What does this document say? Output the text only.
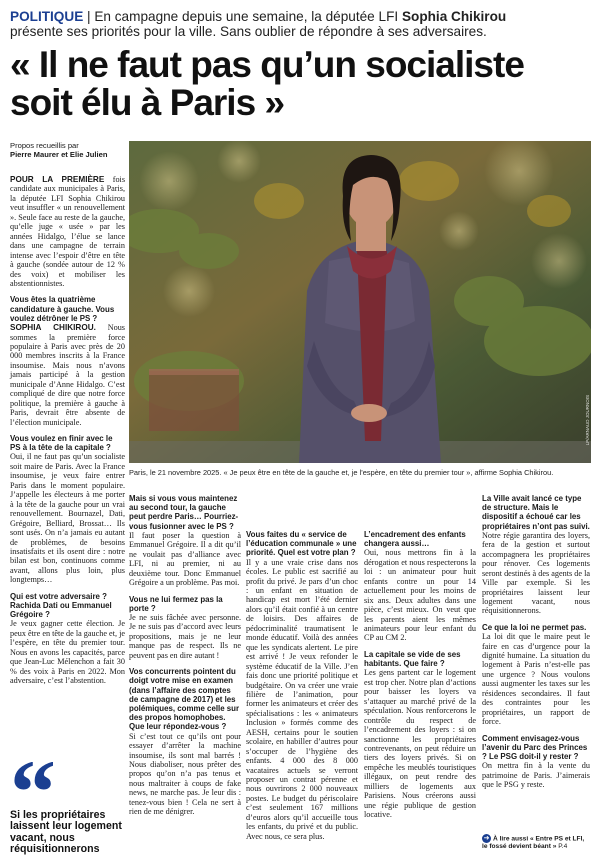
POLITIQUE | En campagne depuis une semaine, la députée LFI Sophia Chikirou
présente ses priorités pour la ville. Sans oublier de répondre à ses adversaires.
« Il ne faut pas qu’un socialiste
soit élu à Paris »
Propos recueillis par
Pierre Maurer et Elie Julien

POUR LA PREMIÈRE fois candidate aux municipales à Paris, la députée LFI Sophia Chikirou veut insuffler « un renouvellement ». Seule face au reste de la gauche, qu’elle juge « usée » par les années Hidalgo, l’élue se lance dans une campagne de terrain intense avec l’espoir d’être en tête à gauche (sondée autour de 12 % des voix) et mobiliser les abstentionnistes.

Vous êtes la quatrième candidature à gauche. Vous voulez détrôner le PS ?

SOPHIA CHIKIROU. Nous sommes la première force populaire à Paris avec près de 20 000 membres inscrits à la France insoumise. Mais nous n’avons jamais participé à la gestion municipale d’Anne Hidalgo. C’est compliqué de dire que notre force politique, la première à gauche à Paris, devrait être absente de l’élection municipale.

Vous voulez en finir avec le PS à la tête de la capitale ?

Oui, il ne faut pas qu’un socialiste soit maire de Paris. Avec la France insoumise, je veux faire entrer Paris dans le moment populaire. J’appelle les électeurs à me porter à la tête de la gauche pour un vrai renouvellement. Bournazel, Dati, Grégoire, Belliard, Brossat… Ils sont usés. On n’a jamais eu autant de problèmes, de besoins insatisfaits et ils osent dire : notre bilan est bon, continuons comme avant, allons plus loin, plus longtemps…

Qui est votre adversaire ? Rachida Dati ou Emmanuel Grégoire ?

Je veux gagner cette élection. Je peux être en tête de la gauche et, je l’espère, en tête du premier tour. Nous en avons les capacités, parce que Jean-Luc Mélenchon a fait 30 % des voix à Paris en 2022. Mon adversaire, c’est l’abstention.

LP/ARNAUD JOURNOIS
Paris, le 21 novembre 2025. « Je peux être en tête de la gauche et, je l’espère, en tête du premier tour », affirme Sophia Chikirou.
Si les propriétaires laissent leur logement vacant, nous réquisitionnerons

Mais si vous vous maintenez au second tour, la gauche peut perdre Paris… Pourriez-vous fusionner avec le PS ?

Il faut poser la question à Emmanuel Grégoire. Il a dit qu’il ne voulait pas d’alliance avec LFI, ni au premier, ni au deuxième tour. Donc Emmanuel Grégoire a un problème. Pas moi.

Vous ne lui fermez pas la porte ?

Je ne suis fâchée avec personne. Je ne suis pas d’accord avec leurs propositions, mais je ne leur manque pas de respect. Ils ne peuvent pas en dire autant !

Vos concurrents pointent du doigt votre mise en examen (dans l’affaire des comptes de campagne de 2017) et les polémiques, comme celle sur des propos homophobes. Que leur répondez-vous ?

Si c’est tout ce qu’ils ont pour essayer d’arrêter la machine insoumise, ils sont mal barrés ! Nous diaboliser, nous prêter des propos qu’on n’a pas tenus et nous maltraiter à coups de fake news, ne marche pas. Je leur dis : tenez-vous bien ! Cela ne sert à rien de me dénigrer.

Vous faites du « service de l’éducation communale » une priorité. Quel est votre plan ?

Il y a une vraie crise dans nos écoles. Le public est sacrifié au profit du privé. Je pars d’un choc : un enfant en situation de handicap est mort l’été dernier alors qu’il était confié à un centre de loisirs. Des affaires de pédocriminalité traumatisent le monde éducatif. Voilà des années que les syndicats alertent. Le pire est arrivé ! Je veux refonder le système éducatif de la Ville. J’en fais donc une priorité politique et budgétaire. On va créer une vraie filière de l’animation, pour former les animateurs et créer des spécialisations : les « animateurs Inclusion » formés comme des AESH, certains pour le soutien scolaire, en habiller d’autres pour s’occuper de l’hygiène des enfants. 4 000 des 8 000 vacataires actuels se verront proposer un contrat pérenne et nous ouvrirons 2 000 nouveaux postes. Le budget du périscolaire c’est seulement 167 millions d’euros alors qu’il accueille tous les enfants, du privé et du public. Avec nous, ce sera plus.

L’encadrement des enfants changera aussi…

Oui, nous mettrons fin à la dérogation et nous respecterons la loi : un animateur pour huit enfants contre un pour 14 actuellement pour les moins de six ans. Deux adultes dans une pièce, c’est mieux. On veut que les parents aient les mêmes animateurs pour leur enfant du CP au CM 2.

La capitale se vide de ses habitants. Que faire ?

Les gens partent car le logement est trop cher. Notre plan d’actions pour baisser les loyers va s’attaquer au marché privé de la spéculation. Nous renforcerons le contrôle du respect de l’encadrement des loyers : si on sanctionne les propriétaires contrevenants, on peut réduire un tiers des loyers privés. Si on empêche les meublés touristiques illégaux, on peut rendre des milliers de logements aux Parisiens. Nous créerons aussi une régie publique de gestion locative.

La Ville avait lancé ce type de structure. Mais le dispositif a échoué car les propriétaires n’ont pas suivi.

Notre régie garantira des loyers, fera de la gestion et surtout accompagnera les propriétaires pour rénover. Ces logements seront destinés à des agents de la Ville par exemple. Si les propriétaires laissent leur logement vacant, nous réquisitionnerons.

Ce que la loi ne permet pas.

La loi dit que le maire peut le faire en cas d’urgence pour la dignité humaine. La situation du logement à Paris n’est-elle pas une urgence ? Nous voulons aussi augmenter les taxes sur les résidences secondaires. Il faut des contraintes pour les propriétaires, un rapport de force.

Comment envisagez-vous l’avenir du Parc des Princes ? Le PSG doit-il y rester ?

On mettra fin à la vente du patrimoine de Paris. J’aimerais que le PSG y reste.

➜ À lire aussi « Entre PS et LFI, le fossé devient béant » P.4
